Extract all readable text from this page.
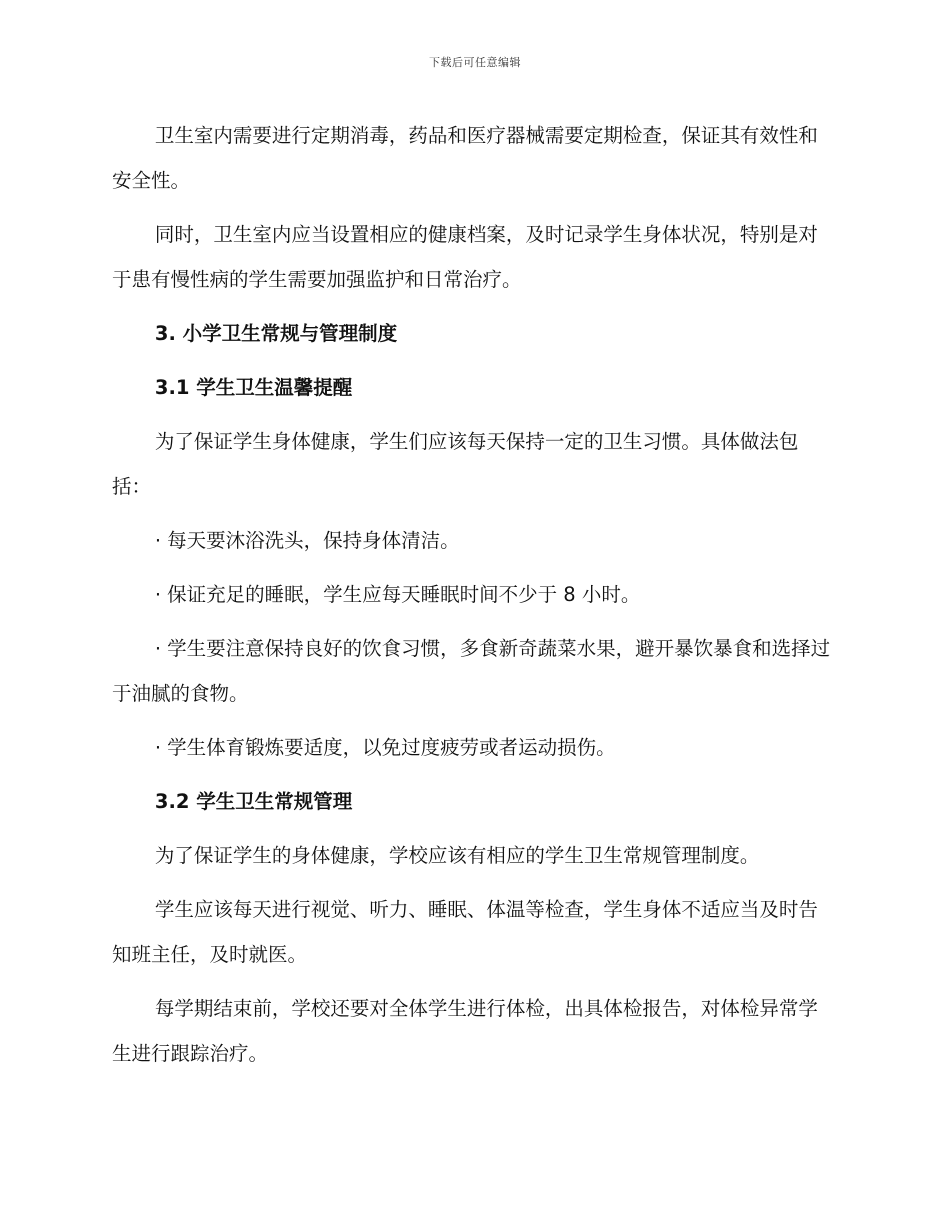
下载后可任意编辑

卫生室内需要进行定期消毒，药品和医疗器械需要定期检查，保证其有效性和安全性。

同时，卫生室内应当设置相应的健康档案，及时记录学生身体状况，特别是对于患有慢性病的学生需要加强监护和日常治疗。

3. 小学卫生常规与管理制度

3.1 学生卫生温馨提醒

为了保证学生身体健康，学生们应该每天保持一定的卫生习惯。具体做法包括：

· 每天要沐浴洗头，保持身体清洁。

· 保证充足的睡眠，学生应每天睡眠时间不少于 8 小时。

· 学生要注意保持良好的饮食习惯，多食新奇蔬菜水果，避开暴饮暴食和选择过于油腻的食物。

· 学生体育锻炼要适度，以免过度疲劳或者运动损伤。

3.2 学生卫生常规管理

为了保证学生的身体健康，学校应该有相应的学生卫生常规管理制度。

学生应该每天进行视觉、听力、睡眠、体温等检查，学生身体不适应当及时告知班主任，及时就医。

每学期结束前，学校还要对全体学生进行体检，出具体检报告，对体检异常学生进行跟踪治疗。
